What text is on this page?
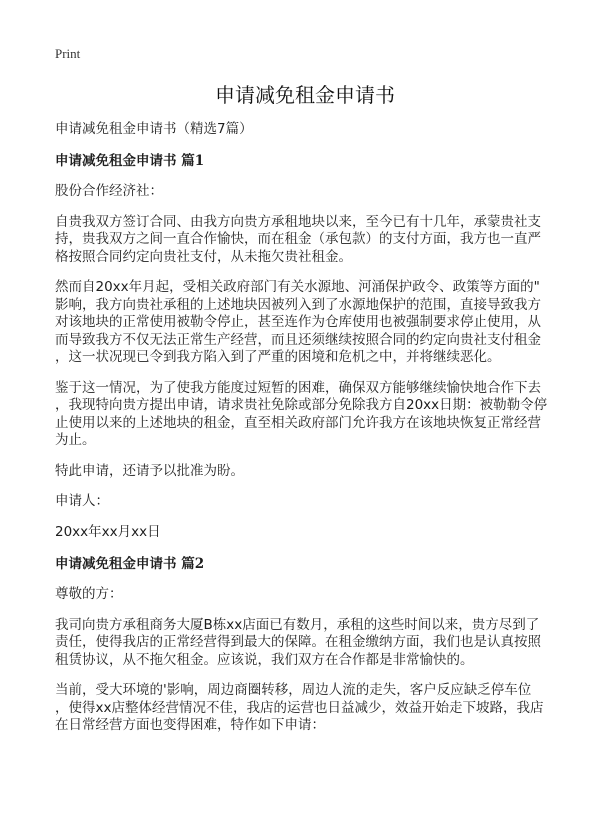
Print
申请减免租金申请书
申请减免租金申请书（精选7篇）
申请减免租金申请书 篇1
股份合作经济社：
自贵我双方签订合同、由我方向贵方承租地块以来，至今已有十几年，承蒙贵社支
持，贵我双方之间一直合作愉快，而在租金（承包款）的支付方面，我方也一直严
格按照合同约定向贵社支付，从未拖欠贵社租金。
然而自20xx年月起，受相关政府部门有关水源地、河涌保护政令、政策等方面的"
影响，我方向贵社承租的上述地块因被列入到了水源地保护的范围，直接导致我方
对该地块的正常使用被勒令停止，甚至连作为仓库使用也被强制要求停止使用，从
而导致我方不仅无法正常生产经营，而且还须继续按照合同的约定向贵社支付租金
，这一状况现已令到我方陷入到了严重的困境和危机之中，并将继续恶化。
鉴于这一情况，为了使我方能度过短暂的困难，确保双方能够继续愉快地合作下去
，我现特向贵方提出申请，请求贵社免除或部分免除我方自20xx日期：被勒勒令停
止使用以来的上述地块的租金，直至相关政府部门允许我方在该地块恢复正常经营
为止。
特此申请，还请予以批准为盼。
申请人：
20xx年xx月xx日
申请减免租金申请书 篇2
尊敬的方：
我司向贵方承租商务大厦B栋xx店面已有数月，承租的这些时间以来，贵方尽到了
责任，使得我店的正常经营得到最大的保障。在租金缴纳方面，我们也是认真按照
租赁协议，从不拖欠租金。应该说，我们双方在合作都是非常愉快的。
当前，受大环境的'影响，周边商圈转移，周边人流的走失，客户反应缺乏停车位
，使得xx店整体经营情况不佳，我店的运营也日益减少，效益开始走下坡路，我店
在日常经营方面也变得困难，特作如下申请：
